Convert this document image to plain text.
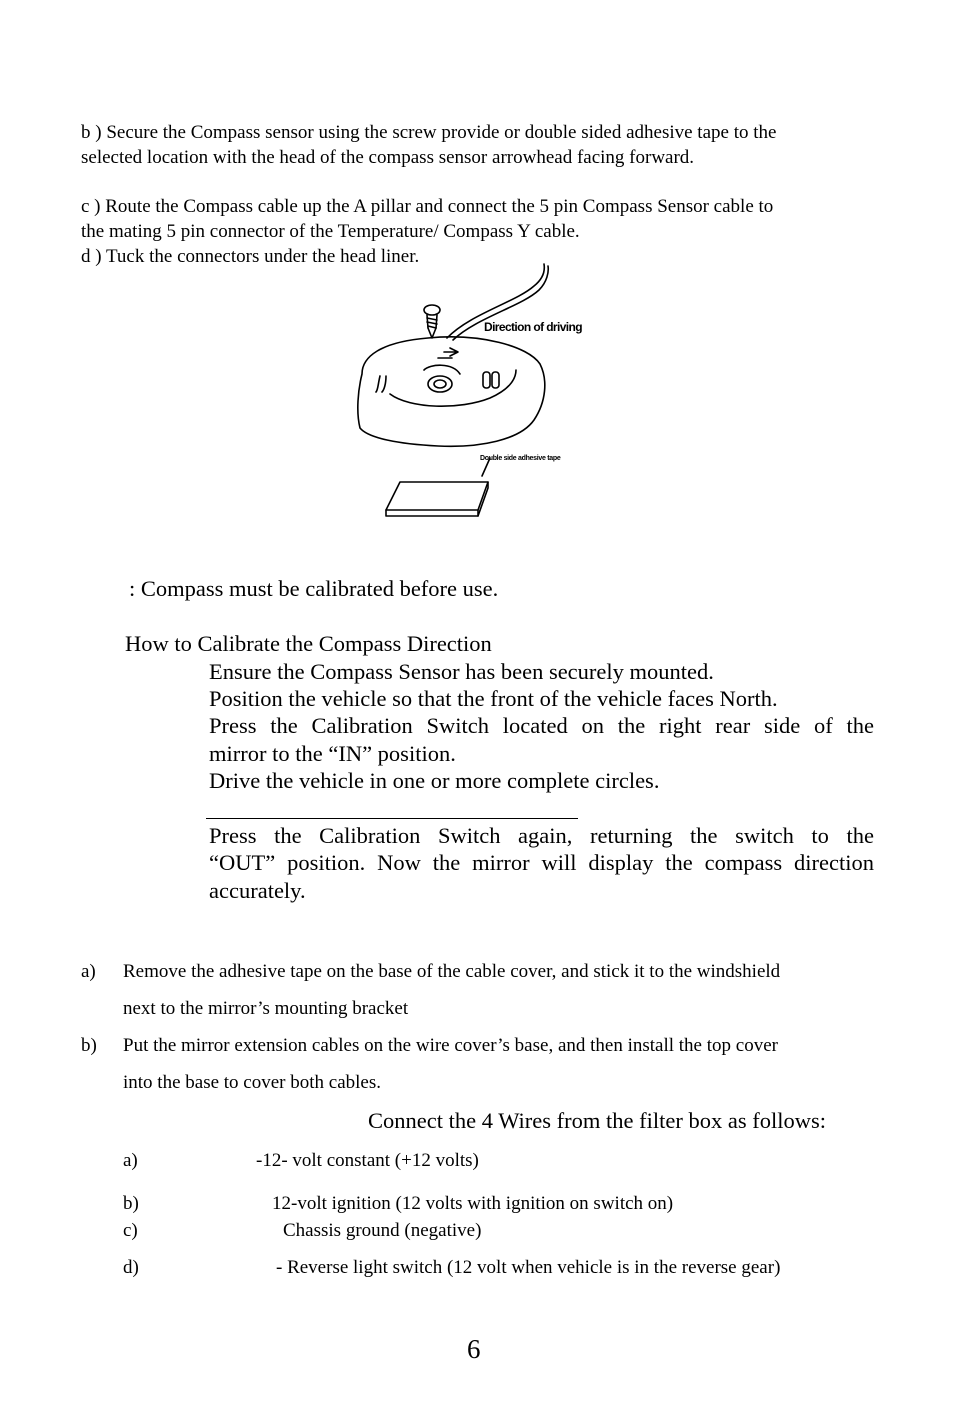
b ) Secure the Compass sensor using the screw provide or double sided adhesive tape to the
selected location with the head of the compass sensor arrowhead facing forward.
c ) Route the Compass cable up the A pillar and connect the 5 pin Compass Sensor cable to
the mating 5 pin connector of the Temperature/ Compass Y cable.
d ) Tuck the connectors under the head liner.
Direction of driving
Double side adhesive tape
: Compass must be calibrated before use.
How to Calibrate the Compass Direction
Ensure the Compass Sensor has been securely mounted.
Position the vehicle so that the front of the vehicle faces North.
Press the Calibration Switch located on the right rear side of the
mirror to the “IN” position.
Drive the vehicle in one or more complete circles.
Press the Calibration Switch again, returning the switch to the
“OUT” position. Now the mirror will display the compass direction
accurately.
a) Remove the adhesive tape on the base of the cable cover, and stick it to the windshield
next to the mirror’s mounting bracket
b) Put the mirror extension cables on the wire cover’s base, and then install the top cover
into the base to cover both cables.
Connect the 4 Wires from the filter box as follows:
a)	-12- volt constant (+12 volts)
b)	12-volt ignition (12 volts with ignition on switch on)
c)	Chassis ground (negative)
d)	- Reverse light switch (12 volt when vehicle is in the reverse gear)
6
